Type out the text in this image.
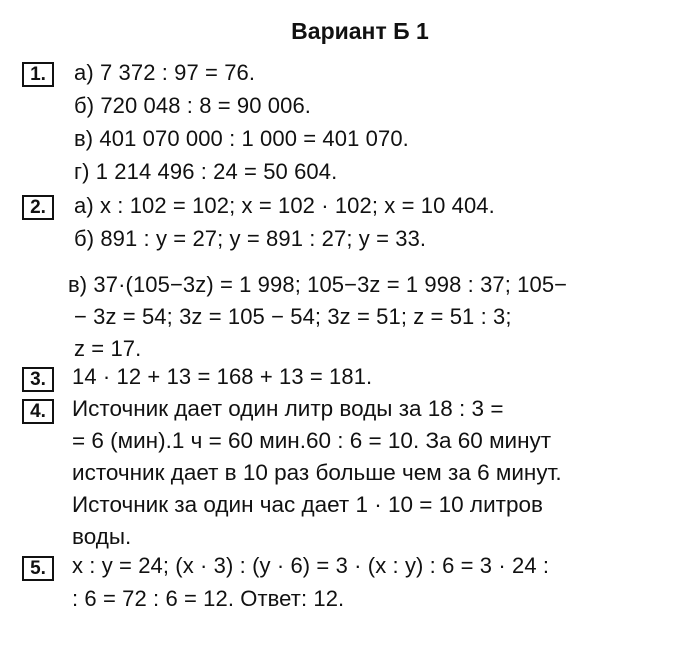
Вариант Б 1
1.	а) 7 372 : 97 = 76.
б) 720 048 : 8 = 90 006.
в) 401 070 000 : 1 000 = 401 070.
г) 1 214 496 : 24 = 50 604.
2.	а) x : 102 = 102; x = 102 · 102; x = 10 404.
б) 891 : y = 27; y = 891 : 27; y = 33.
в) 37·(105−3z) = 1 998; 105−3z = 1 998 : 37; 105−
− 3z = 54; 3z = 105 − 54; 3z = 51; z = 51 : 3;
z = 17.
3.	14 · 12 + 13 = 168 + 13 = 181.
4.	Источник дает один литр воды за 18 : 3 =
= 6 (мин).1 ч = 60 мин.60 : 6 = 10. За 60 минут
источник дает в 10 раз больше чем за 6 минут.
Источник за один час дает 1 · 10 = 10 литров
воды.
5.	x : y = 24; (x · 3) : (y · 6) = 3 · (x : y) : 6 = 3 · 24 :
: 6 = 72 : 6 = 12. Ответ: 12.
